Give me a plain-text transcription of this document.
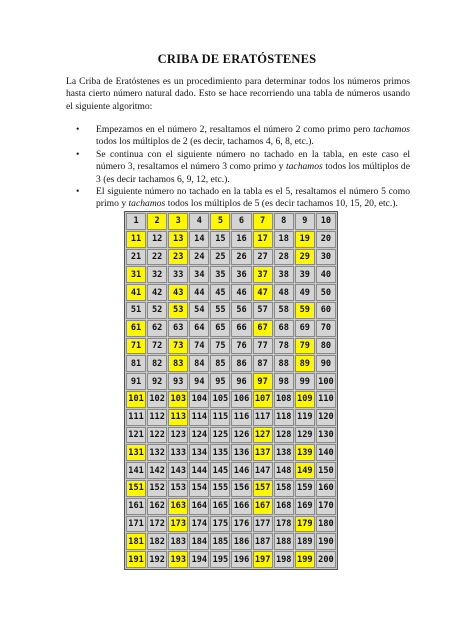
CRIBA DE ERATÓSTENES
La Criba de Eratóstenes es un procedimiento para determinar todos los números primos hasta cierto número natural dado. Esto se hace recorriendo una tabla de números usando el siguiente algoritmo:
•	Empezamos en el número 2, resaltamos el número 2 como primo pero tachamos todos los múltiplos de 2 (es decir, tachamos 4, 6, 8, etc.).
•	Se continua con el siguiente número no tachado en la tabla, en este caso el número 3, resaltamos el número 3 como primo y tachamos todos los múltiplos de 3 (es decir tachamos 6, 9, 12, etc.).
•	El siguiente número no tachado en la tabla es el 5, resaltamos el número 5 como primo y tachamos todos los múltiplos de 5 (es decir tachamos 10, 15, 20, etc.).
1	2	3	4	5	6	7	8	9	10
11	12	13	14	15	16	17	18	19	20
21	22	23	24	25	26	27	28	29	30
31	32	33	34	35	36	37	38	39	40
41	42	43	44	45	46	47	48	49	50
51	52	53	54	55	56	57	58	59	60
61	62	63	64	65	66	67	68	69	70
71	72	73	74	75	76	77	78	79	80
81	82	83	84	85	86	87	88	89	90
91	92	93	94	95	96	97	98	99	100
101	102	103	104	105	106	107	108	109	110
111	112	113	114	115	116	117	118	119	120
121	122	123	124	125	126	127	128	129	130
131	132	133	134	135	136	137	138	139	140
141	142	143	144	145	146	147	148	149	150
151	152	153	154	155	156	157	158	159	160
161	162	163	164	165	166	167	168	169	170
171	172	173	174	175	176	177	178	179	180
181	182	183	184	185	186	187	188	189	190
191	192	193	194	195	196	197	198	199	200
